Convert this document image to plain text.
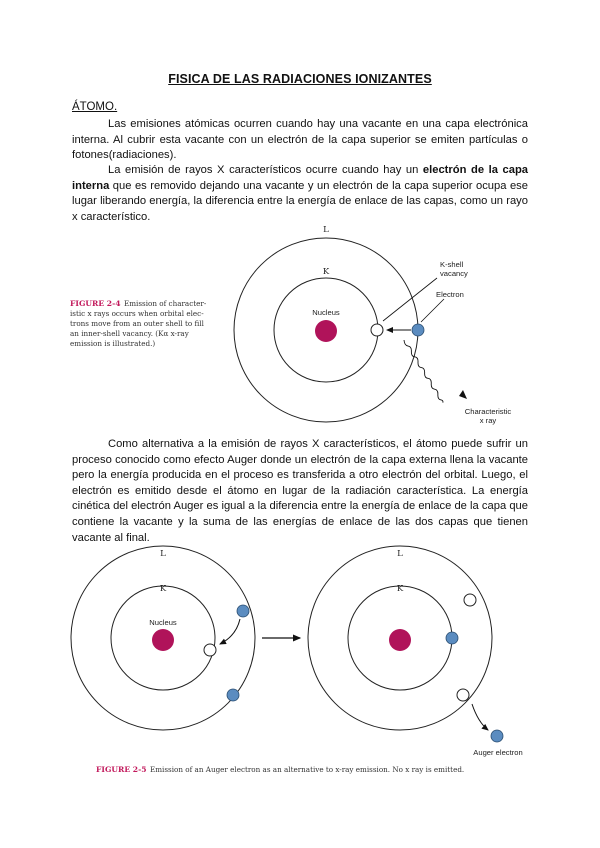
FISICA DE LAS RADIACIONES IONIZANTES
ÁTOMO.

Las emisiones atómicas ocurren cuando hay una vacante en una capa electrónica interna. Al cubrir esta vacante con un electrón de la capa superior se emiten partículas o fotones(radiaciones).

La emisión de rayos X característicos ocurre cuando hay un electrón de la capa interna que es removido dejando una vacante y un electrón de la capa superior ocupa ese lugar liberando energía, la diferencia entre la energía de enlace de las capas, como un rayo x característico.

Como alternativa a la emisión de rayos X característicos, el átomo puede sufrir un proceso conocido como efecto Auger donde un electrón de la capa externa llena la vacante pero la energía producida en el proceso es transferida a otro electrón del orbital. Luego, el electrón es emitido desde el átomo en lugar de la radiación característica. La energía cinética del electrón Auger es igual a la diferencia entre la energía de enlace de la capa que contiene la vacante y la suma de las energías de enlace de las dos capas que tienen vacante al final.

L
K
Nucleus
K-shell
vacancy
Electron
Characteristic
x ray
FIGURE 2-4 Emission of character-
istic x rays occurs when orbital elec-
trons move from an outer shell to fill
an inner-shell vacancy. (Kα x-ray
emission is illustrated.)
L
K
Nucleus
L
K
Auger electron
FIGURE 2-5 Emission of an Auger electron as an alternative to x-ray emission. No x ray is emitted.
